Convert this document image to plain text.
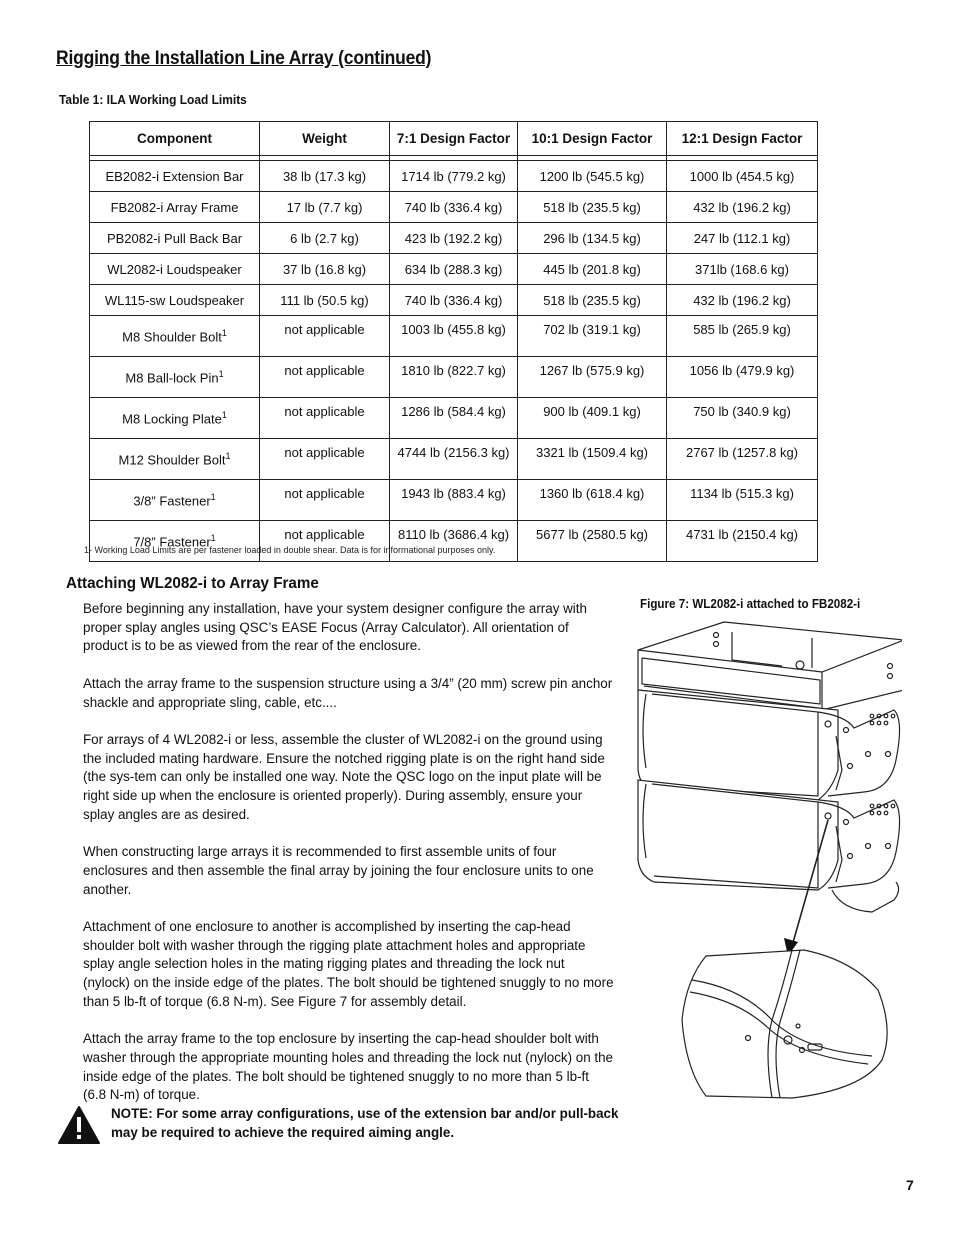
Rigging the Installation Line Array (continued)
Table 1: ILA Working Load Limits
Component	Weight	7:1 Design Factor	10:1 Design Factor	12:1 Design Factor

EB2082-i Extension Bar	38 lb (17.3 kg)	1714 lb (779.2 kg)	1200 lb (545.5 kg)	1000 lb (454.5 kg)
FB2082-i Array Frame	17 lb (7.7 kg)	740 lb (336.4 kg)	518 lb (235.5 kg)	432 lb (196.2 kg)
PB2082-i Pull Back Bar	6 lb (2.7 kg)	423 lb (192.2 kg)	296 lb (134.5 kg)	247 lb (112.1 kg)
WL2082-i Loudspeaker	37 lb (16.8 kg)	634 lb (288.3 kg)	445 lb (201.8 kg)	371lb (168.6 kg)
WL115-sw Loudspeaker	111 lb (50.5 kg)	740 lb (336.4 kg)	518 lb (235.5 kg)	432 lb (196.2 kg)
M8 Shoulder Bolt$^1$	not applicable	1003 lb (455.8 kg)	702 lb (319.1 kg)	585 lb (265.9 kg)
M8 Ball-lock Pin$^1$	not applicable	1810 lb (822.7 kg)	1267 lb (575.9 kg)	1056 lb (479.9 kg)
M8 Locking Plate$^1$	not applicable	1286 lb (584.4 kg)	900 lb (409.1 kg)	750 lb (340.9 kg)
M12 Shoulder Bolt$^1$	not applicable	4744 lb (2156.3 kg)	3321 lb (1509.4 kg)	2767 lb (1257.8 kg)
3/8” Fastener$^1$	not applicable	1943 lb (883.4 kg)	1360 lb (618.4 kg)	1134 lb (515.3 kg)
7/8” Fastener$^1$	not applicable	8110 lb (3686.4 kg)	5677 lb (2580.5 kg)	4731 lb (2150.4 kg)
1- Working Load Limits are per fastener loaded in double shear. Data is for informational purposes only.
Attaching WL2082-i to Array Frame

Before beginning any installation, have your system designer configure the array with proper splay angles using QSC’s EASE Focus (Array Calculator). All orientation of product is to be as viewed from the rear of the enclosure.

Attach the array frame to the suspension structure using a 3/4” (20 mm) screw pin anchor shackle and appropriate sling, cable, etc....

For arrays of 4 WL2082-i or less, assemble the cluster of WL2082-i on the ground using the included mating hardware. Ensure the notched rigging plate is on the right hand side (the sys-tem can only be installed one way. Note the QSC logo on the input plate will be right side up when the enclosure is oriented properly). During assembly, ensure your splay angles are as desired.

When constructing large arrays it is recommended to first assemble units of four enclosures and then assemble the final array by joining the four enclosure units to one another.

Attachment of one enclosure to another is accomplished by inserting the cap-head shoulder bolt with washer through the rigging plate attachment holes and appropriate splay angle selection holes in the mating rigging plates and threading the lock nut (nylock) on the inside edge of the plates. The bolt should be tightened snuggly to no more than 5 lb-ft of torque (6.8 N-m). See Figure 7 for assembly detail.

Attach the array frame to the top enclosure by inserting the cap-head shoulder bolt with washer through the appropriate mounting holes and threading the lock nut (nylock) on the inside edge of the plates. The bolt should be tightened snuggly to no more than 5 lb-ft (6.8 N-m) of torque.

Figure 7: WL2082-i attached to FB2082-i
NOTE: For some array configurations, use of the extension bar and/or pull-back may be required to achieve the required aiming angle.
7
